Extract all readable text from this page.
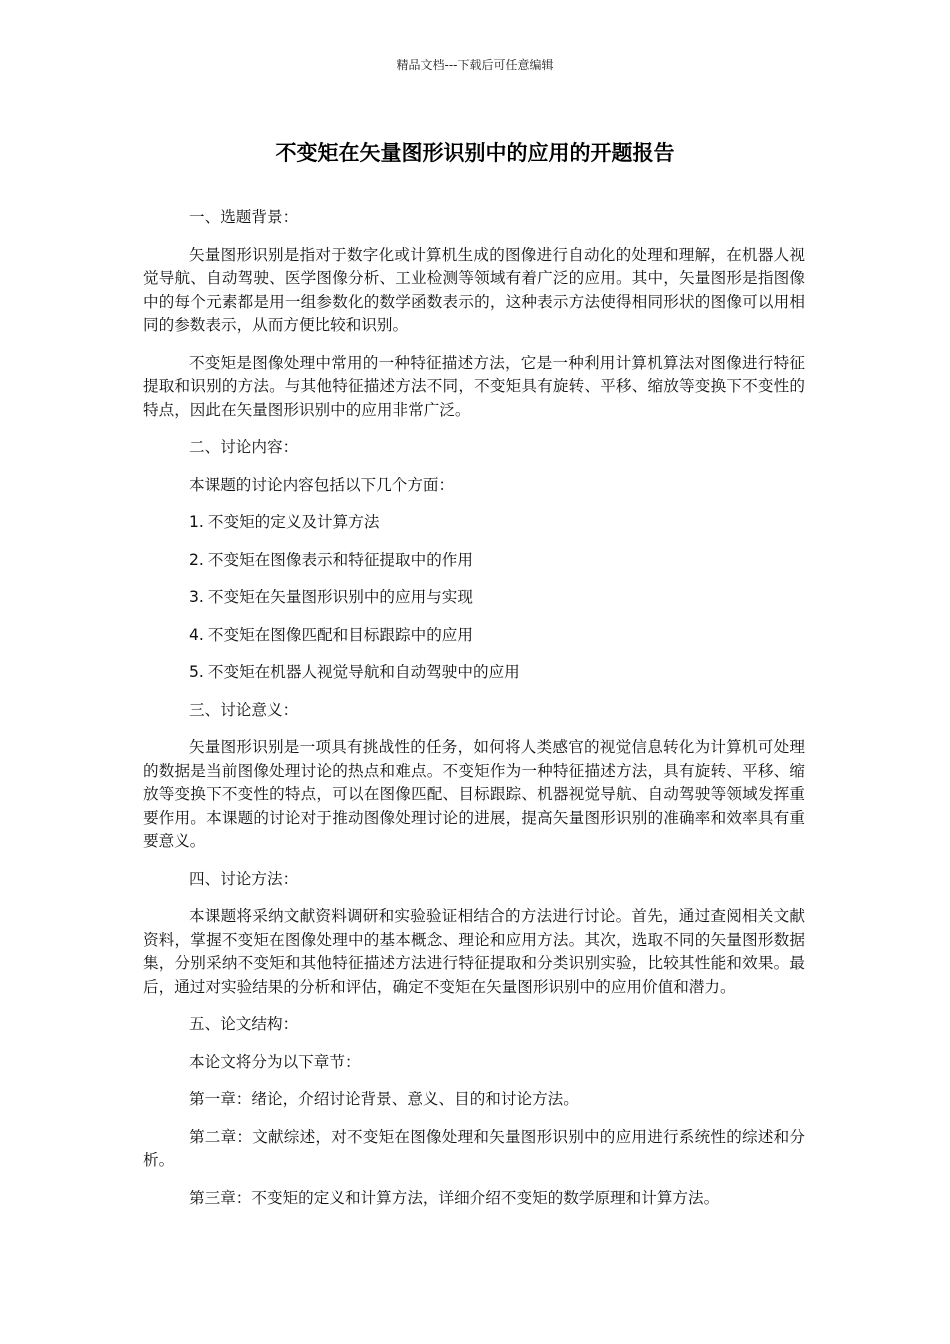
精品文档---下载后可任意编辑
不变矩在矢量图形识别中的应用的开题报告
一、选题背景：
矢量图形识别是指对于数字化或计算机生成的图像进行自动化的处理和理解，在机器人视觉导航、自动驾驶、医学图像分析、工业检测等领域有着广泛的应用。其中，矢量图形是指图像中的每个元素都是用一组参数化的数学函数表示的，这种表示方法使得相同形状的图像可以用相同的参数表示，从而方便比较和识别。
不变矩是图像处理中常用的一种特征描述方法，它是一种利用计算机算法对图像进行特征提取和识别的方法。与其他特征描述方法不同，不变矩具有旋转、平移、缩放等变换下不变性的特点，因此在矢量图形识别中的应用非常广泛。
二、讨论内容：
本课题的讨论内容包括以下几个方面：
1. 不变矩的定义及计算方法
2. 不变矩在图像表示和特征提取中的作用
3. 不变矩在矢量图形识别中的应用与实现
4. 不变矩在图像匹配和目标跟踪中的应用
5. 不变矩在机器人视觉导航和自动驾驶中的应用
三、讨论意义：
矢量图形识别是一项具有挑战性的任务，如何将人类感官的视觉信息转化为计算机可处理的数据是当前图像处理讨论的热点和难点。不变矩作为一种特征描述方法，具有旋转、平移、缩放等变换下不变性的特点，可以在图像匹配、目标跟踪、机器视觉导航、自动驾驶等领域发挥重要作用。本课题的讨论对于推动图像处理讨论的进展，提高矢量图形识别的准确率和效率具有重要意义。
四、讨论方法：
本课题将采纳文献资料调研和实验验证相结合的方法进行讨论。首先，通过查阅相关文献资料，掌握不变矩在图像处理中的基本概念、理论和应用方法。其次，选取不同的矢量图形数据集，分别采纳不变矩和其他特征描述方法进行特征提取和分类识别实验，比较其性能和效果。最后，通过对实验结果的分析和评估，确定不变矩在矢量图形识别中的应用价值和潜力。
五、论文结构：
本论文将分为以下章节：
第一章：绪论，介绍讨论背景、意义、目的和讨论方法。
第二章：文献综述，对不变矩在图像处理和矢量图形识别中的应用进行系统性的综述和分析。
第三章：不变矩的定义和计算方法，详细介绍不变矩的数学原理和计算方法。
